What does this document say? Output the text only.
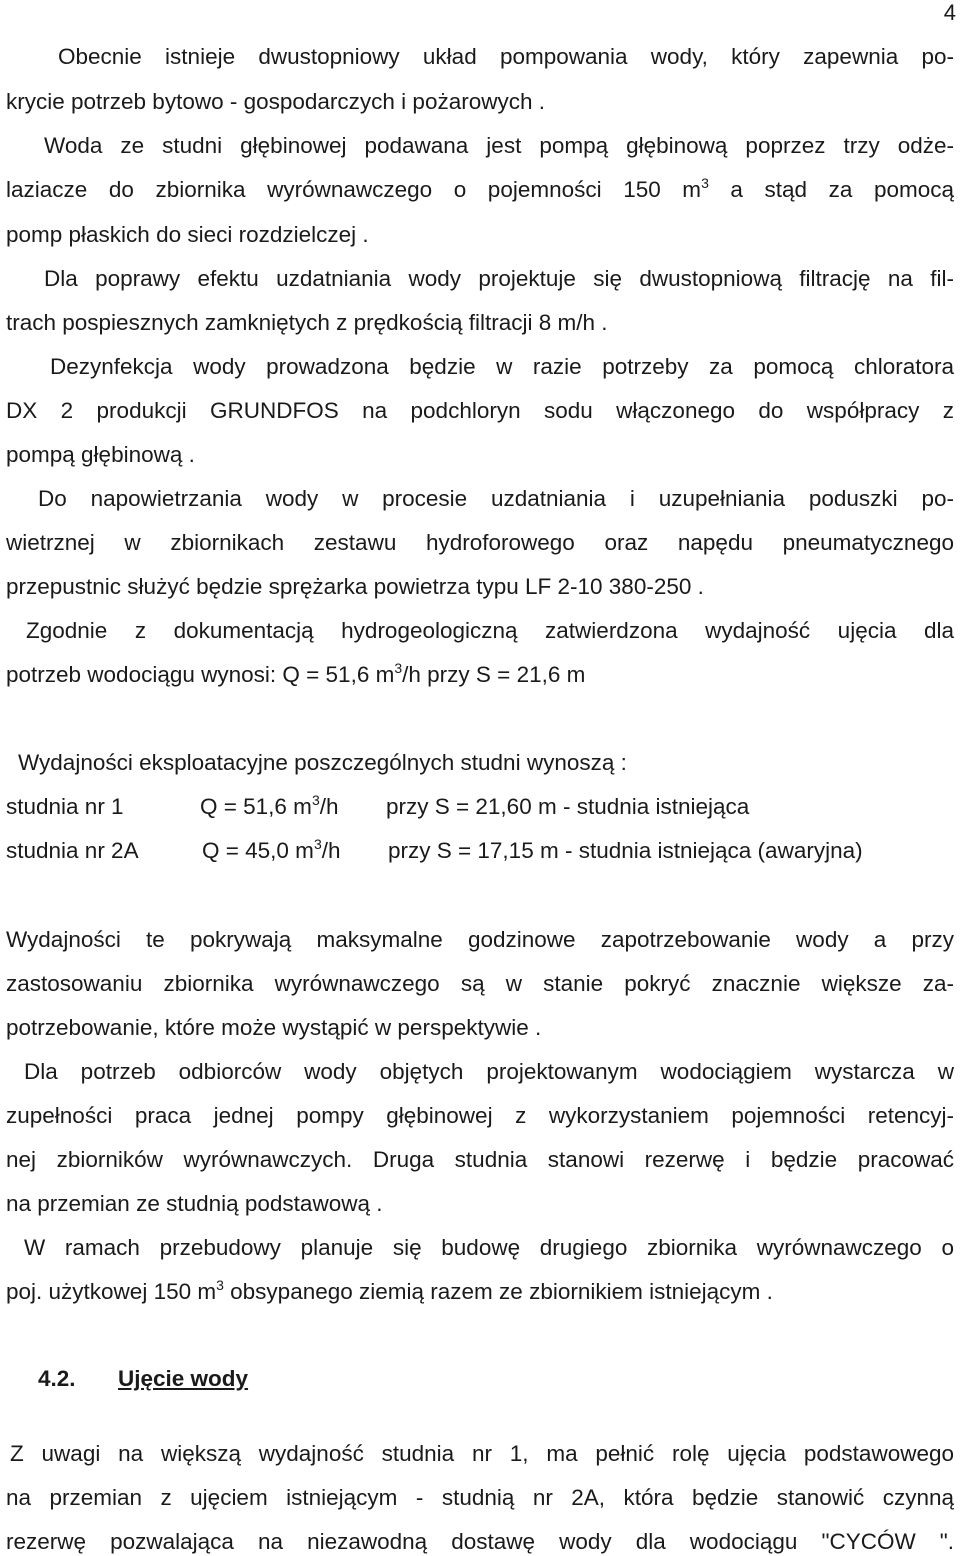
4
Obecnie istnieje dwustopniowy układ pompowania wody, który zapewnia po-
krycie potrzeb bytowo - gospodarczych i pożarowych .
Woda ze studni głębinowej podawana jest pompą głębinową poprzez trzy odże-
laziacze do zbiornika wyrównawczego o pojemności 150 $m^3$ a stąd za pomocą
pomp płaskich do sieci rozdzielczej .
Dla poprawy efektu uzdatniania wody projektuje się dwustopniową filtrację na fil-
trach pospiesznych zamkniętych z prędkością filtracji 8 m/h .
Dezynfekcja wody prowadzona będzie w razie potrzeby za pomocą chloratora
DX 2 produkcji GRUNDFOS na podchloryn sodu włączonego do współpracy z
pompą głębinową .
Do napowietrzania wody w procesie uzdatniania i uzupełniania poduszki po-
wietrznej w zbiornikach zestawu hydroforowego oraz napędu pneumatycznego
przepustnic służyć będzie sprężarka powietrza typu LF 2-10 380-250 .
Zgodnie z dokumentacją hydrogeologiczną zatwierdzona wydajność ujęcia dla
potrzeb wodociągu wynosi: Q = 51,6 $m^3/h$ przy S = 21,6 m
Wydajności eksploatacyjne poszczególnych studni wynoszą :
studnia nr 1	Q = 51,6 $m^3/h$ przy S = 21,60 m - studnia istniejąca
studnia nr 2A	Q = 45,0 $m^3/h$ przy S = 17,15 m - studnia istniejąca (awaryjna)
Wydajności te pokrywają maksymalne godzinowe zapotrzebowanie wody a przy
zastosowaniu zbiornika wyrównawczego są w stanie pokryć znacznie większe za-
potrzebowanie, które może wystąpić w perspektywie .
Dla potrzeb odbiorców wody objętych projektowanym wodociągiem wystarcza w
zupełności praca jednej pompy głębinowej z wykorzystaniem pojemności retencyj-
nej zbiorników wyrównawczych. Druga studnia stanowi rezerwę i będzie pracować
na przemian ze studnią podstawową .
W ramach przebudowy planuje się budowę drugiego zbiornika wyrównawczego o
poj. użytkowej 150 $m^3$ obsypanego ziemią razem ze zbiornikiem istniejącym .
4.2. Ujęcie wody
Z uwagi na większą wydajność studnia nr 1, ma pełnić rolę ujęcia podstawowego
na przemian z ujęciem istniejącym - studnią nr 2A, która będzie stanowić czynną
rezerwę pozwalająca na niezawodną dostawę wody dla wodociągu "CYCÓW ".
